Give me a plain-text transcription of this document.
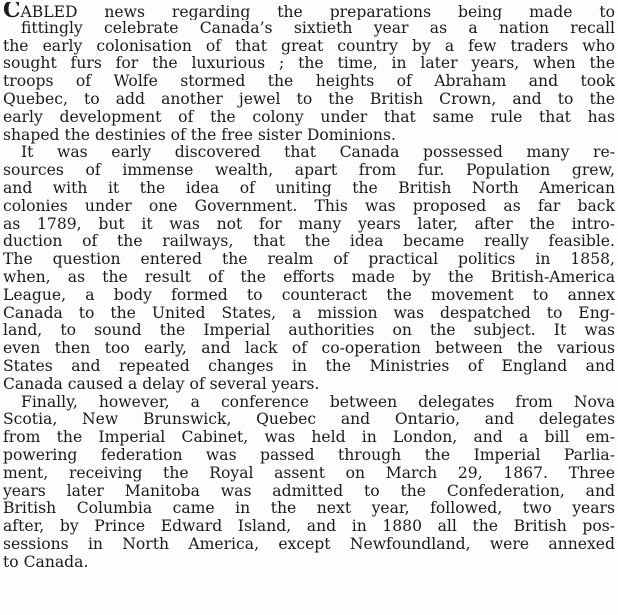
CABLED news regarding the preparations being made to
fittingly celebrate Canada’s sixtieth year as a nation recall
the early colonisation of that great country by a few traders who
sought furs for the luxurious ; the time, in later years, when the
troops of Wolfe stormed the heights of Abraham and took
Quebec, to add another jewel to the British Crown, and to the
early development of the colony under that same rule that has
shaped the destinies of the free sister Dominions.
It was early discovered that Canada possessed many re-
sources of immense wealth, apart from fur. Population grew,
and with it the idea of uniting the British North American
colonies under one Government. This was proposed as far back
as 1789, but it was not for many years later, after the intro-
duction of the railways, that the idea became really feasible.
The question entered the realm of practical politics in 1858,
when, as the result of the efforts made by the British-America
League, a body formed to counteract the movement to annex
Canada to the United States, a mission was despatched to Eng-
land, to sound the Imperial authorities on the subject. It was
even then too early, and lack of co-operation between the various
States and repeated changes in the Ministries of England and
Canada caused a delay of several years.
Finally, however, a conference between delegates from Nova
Scotia, New Brunswick, Quebec and Ontario, and delegates
from the Imperial Cabinet, was held in London, and a bill em-
powering federation was passed through the Imperial Parlia-
ment, receiving the Royal assent on March 29, 1867. Three
years later Manitoba was admitted to the Confederation, and
British Columbia came in the next year, followed, two years
after, by Prince Edward Island, and in 1880 all the British pos-
sessions in North America, except Newfoundland, were annexed
to Canada.
